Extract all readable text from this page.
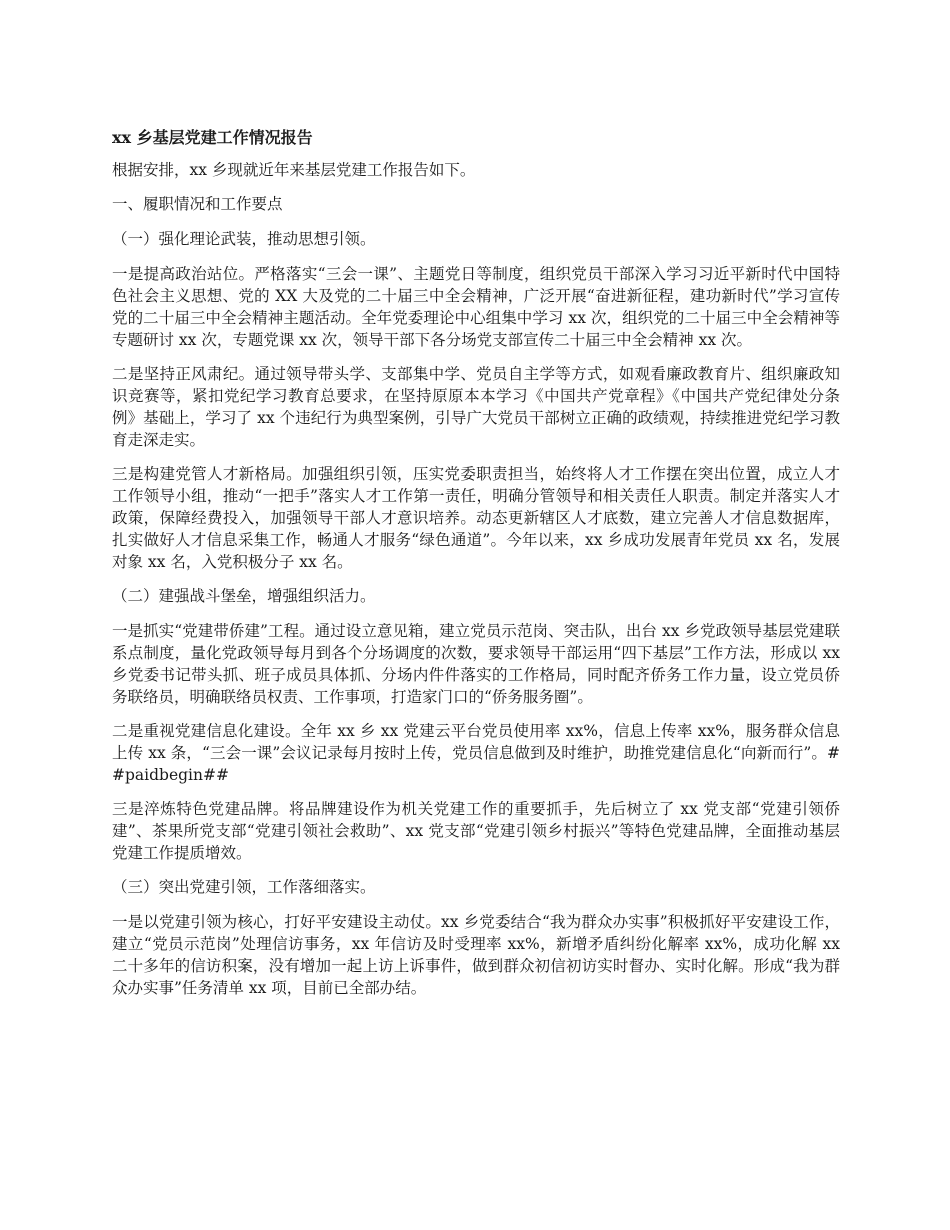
xx 乡基层党建工作情况报告

根据安排，xx 乡现就近年来基层党建工作报告如下。

一、履职情况和工作要点

（一）强化理论武装，推动思想引领。

一是提高政治站位。严格落实“三会一课”、主题党日等制度，组织党员干部深入学习习近平新时代中国特色社会主义思想、党的 XX 大及党的二十届三中全会精神，广泛开展“奋进新征程，建功新时代”学习宣传党的二十届三中全会精神主题活动。全年党委理论中心组集中学习 xx 次，组织党的二十届三中全会精神等专题研讨 xx 次，专题党课 xx 次，领导干部下各分场党支部宣传二十届三中全会精神 xx 次。

二是坚持正风肃纪。通过领导带头学、支部集中学、党员自主学等方式，如观看廉政教育片、组织廉政知识竞赛等，紧扣党纪学习教育总要求，在坚持原原本本学习《中国共产党章程》《中国共产党纪律处分条例》基础上，学习了 xx 个违纪行为典型案例，引导广大党员干部树立正确的政绩观，持续推进党纪学习教育走深走实。

三是构建党管人才新格局。加强组织引领，压实党委职责担当，始终将人才工作摆在突出位置，成立人才工作领导小组，推动“一把手”落实人才工作第一责任，明确分管领导和相关责任人职责。制定并落实人才政策，保障经费投入，加强领导干部人才意识培养。动态更新辖区人才底数，建立完善人才信息数据库，扎实做好人才信息采集工作，畅通人才服务“绿色通道”。今年以来，xx 乡成功发展青年党员 xx 名，发展对象 xx 名，入党积极分子 xx 名。

（二）建强战斗堡垒，增强组织活力。

一是抓实“党建带侨建”工程。通过设立意见箱，建立党员示范岗、突击队，出台 xx 乡党政领导基层党建联系点制度，量化党政领导每月到各个分场调度的次数，要求领导干部运用“四下基层”工作方法，形成以 xx 乡党委书记带头抓、班子成员具体抓、分场内件件落实的工作格局，同时配齐侨务工作力量，设立党员侨务联络员，明确联络员权责、工作事项，打造家门口的“侨务服务圈”。

二是重视党建信息化建设。全年 xx 乡 xx 党建云平台党员使用率 xx%，信息上传率 xx%，服务群众信息上传 xx 条，“三会一课”会议记录每月按时上传，党员信息做到及时维护，助推党建信息化“向新而行”。##paidbegin##

三是淬炼特色党建品牌。将品牌建设作为机关党建工作的重要抓手，先后树立了 xx 党支部“党建引领侨建”、茶果所党支部“党建引领社会救助”、xx 党支部“党建引领乡村振兴”等特色党建品牌，全面推动基层党建工作提质增效。

（三）突出党建引领，工作落细落实。

一是以党建引领为核心，打好平安建设主动仗。xx 乡党委结合“我为群众办实事”积极抓好平安建设工作，建立“党员示范岗”处理信访事务，xx 年信访及时受理率 xx%，新增矛盾纠纷化解率 xx%，成功化解 xx 二十多年的信访积案，没有增加一起上访上诉事件，做到群众初信初访实时督办、实时化解。形成“我为群众办实事”任务清单 xx 项，目前已全部办结。
